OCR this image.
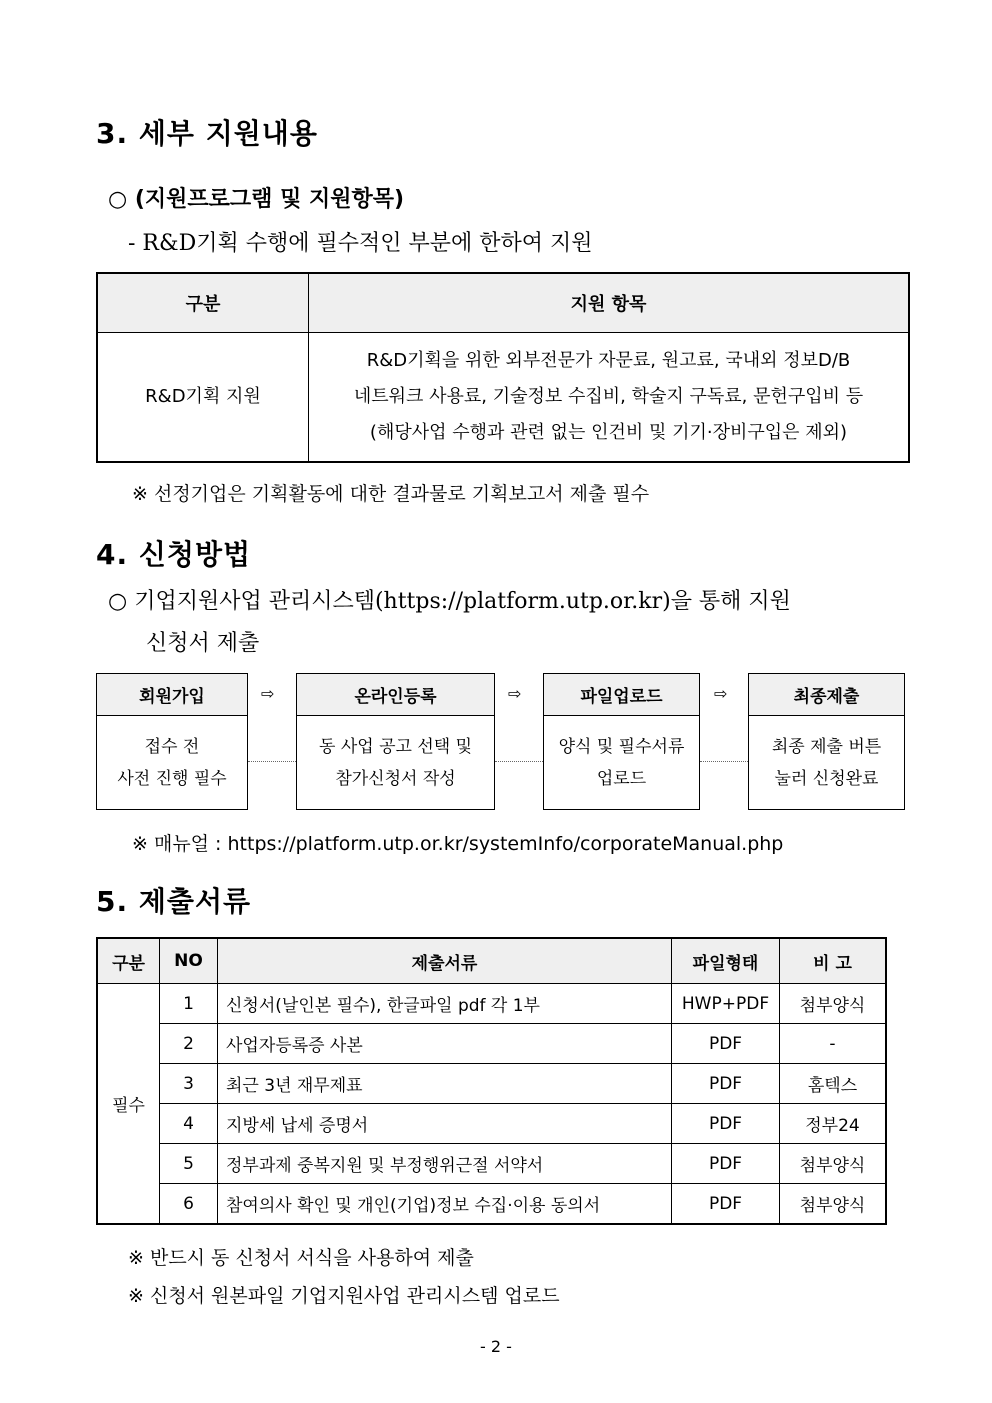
3. 세부 지원내용
○ (지원프로그램 및 지원항목)
- R&D기획 수행에 필수적인 부분에 한하여 지원
구분	지원 항목
R&D기획 지원	R&D기획을 위한 외부전문가 자문료, 원고료, 국내외 정보D/B
네트워크 사용료, 기술정보 수집비, 학술지 구독료, 문헌구입비 등
(해당사업 수행과 관련 없는 인건비 및 기기·장비구입은 제외)
※ 선정기업은 기획활동에 대한 결과물로 기획보고서 제출 필수
4. 신청방법
○ 기업지원사업 관리시스템(https://platform.utp.or.kr)을 통해 지원
신청서 제출
회원가입
접수 전
사전 진행 필수
온라인등록
동 사업 공고 선택 및
참가신청서 작성
파일업로드
양식 및 필수서류
업로드
최종제출
최종 제출 버튼
눌러 신청완료
⇨	⇨	⇨
※ 매뉴얼 : https://platform.utp.or.kr/systemInfo/corporateManual.php
5. 제출서류
구분	NO	제출서류	파일형태	비 고
필수	1	신청서(날인본 필수), 한글파일 pdf 각 1부	HWP+PDF	첨부양식
	2	사업자등록증 사본	PDF	-
	3	최근 3년 재무제표	PDF	홈텍스
	4	지방세 납세 증명서	PDF	정부24
	5	정부과제 중복지원 및 부정행위근절 서약서	PDF	첨부양식
	6	참여의사 확인 및 개인(기업)정보 수집·이용 동의서	PDF	첨부양식
※ 반드시 동 신청서 서식을 사용하여 제출
※ 신청서 원본파일 기업지원사업 관리시스템 업로드
- 2 -
